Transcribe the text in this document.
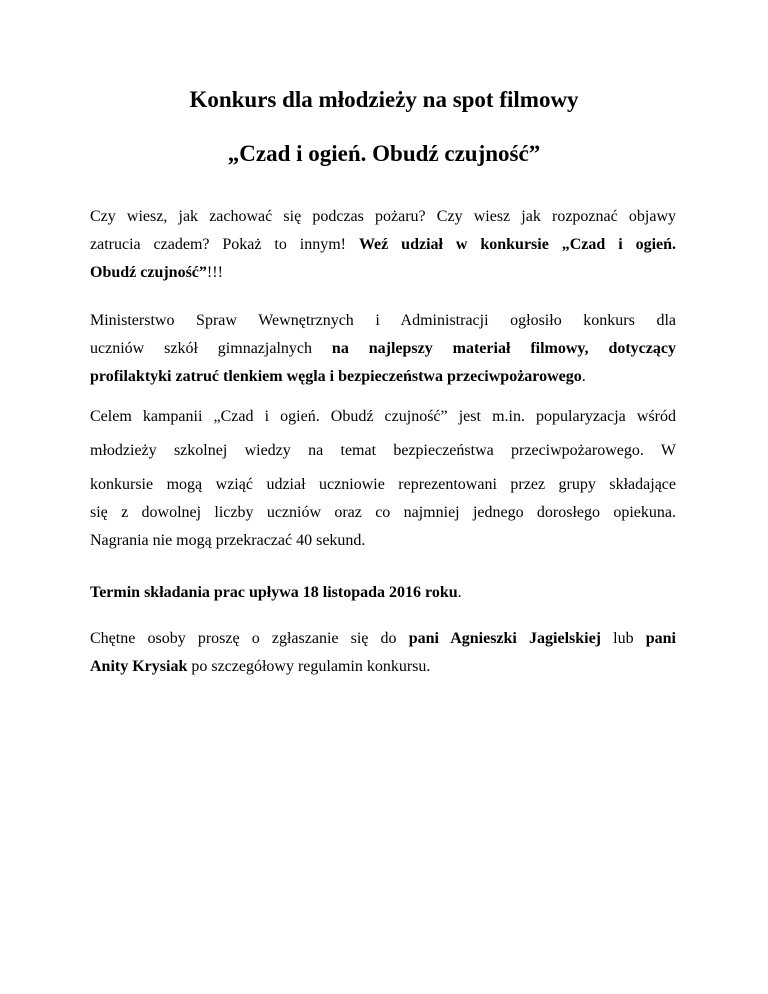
Konkurs dla młodzieży na spot filmowy
„Czad i ogień. Obudź czujność”
Czy wiesz, jak zachować się podczas pożaru? Czy wiesz jak rozpoznać objawy
zatrucia czadem? Pokaż to innym! Weź udział w konkursie „Czad i ogień.
Obudź czujność”!!!
Ministerstwo Spraw Wewnętrznych i Administracji ogłosiło konkurs dla
uczniów szkół gimnazjalnych na najlepszy materiał filmowy, dotyczący
profilaktyki zatruć tlenkiem węgla i bezpieczeństwa przeciwpożarowego.
Celem kampanii „Czad i ogień. Obudź czujność” jest m.in. popularyzacja wśród
młodzieży szkolnej wiedzy na temat bezpieczeństwa przeciwpożarowego. W
konkursie mogą wziąć udział uczniowie reprezentowani przez grupy składające
się z dowolnej liczby uczniów oraz co najmniej jednego dorosłego opiekuna.
Nagrania nie mogą przekraczać 40 sekund.
Termin składania prac upływa 18 listopada 2016 roku.
Chętne osoby proszę o zgłaszanie się do pani Agnieszki Jagielskiej lub pani
Anity Krysiak po szczegółowy regulamin konkursu.
